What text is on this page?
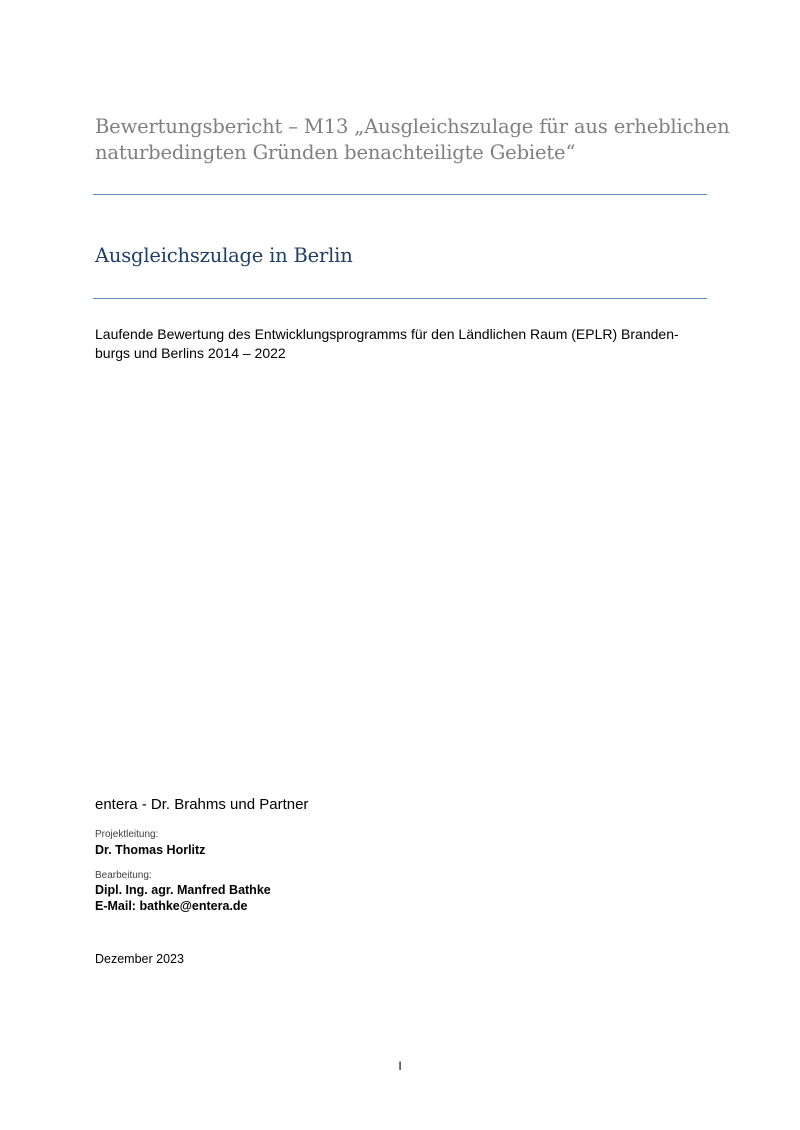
Bewertungsbericht – M13 „Ausgleichszulage für aus erheblichen
naturbedingten Gründen benachteiligte Gebiete“
Ausgleichszulage in Berlin
Laufende Bewertung des Entwicklungsprogramms für den Ländlichen Raum (EPLR) Branden-
burgs und Berlins 2014 – 2022
entera - Dr. Brahms und Partner
Projektleitung:
Dr. Thomas Horlitz
Bearbeitung:
Dipl. Ing. agr. Manfred Bathke
E-Mail: bathke@entera.de
Dezember 2023
I
